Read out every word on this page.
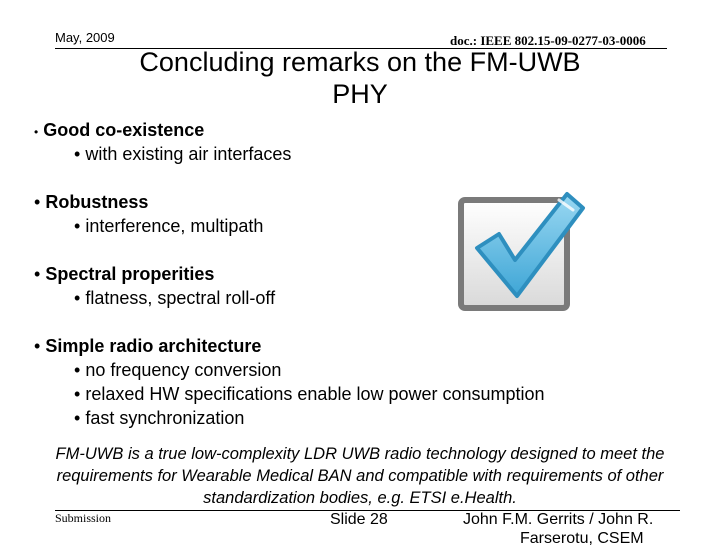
May, 2009	doc.: IEEE 802.15-09-0277-03-0006
Concluding remarks on the FM-UWB PHY
• Good co-existence
• with existing air interfaces
• Robustness
• interference, multipath
• Spectral properities
• flatness, spectral roll-off
• Simple radio architecture
• no frequency conversion
• relaxed HW specifications enable low power consumption
• fast synchronization
FM-UWB is a true low-complexity LDR UWB radio technology designed to meet the requirements for Wearable Medical BAN and compatible with requirements of other standardization bodies, e.g. ETSI e.Health.
Submission	Slide 28	John F.M. Gerrits / John R.
Farserotu, CSEM
